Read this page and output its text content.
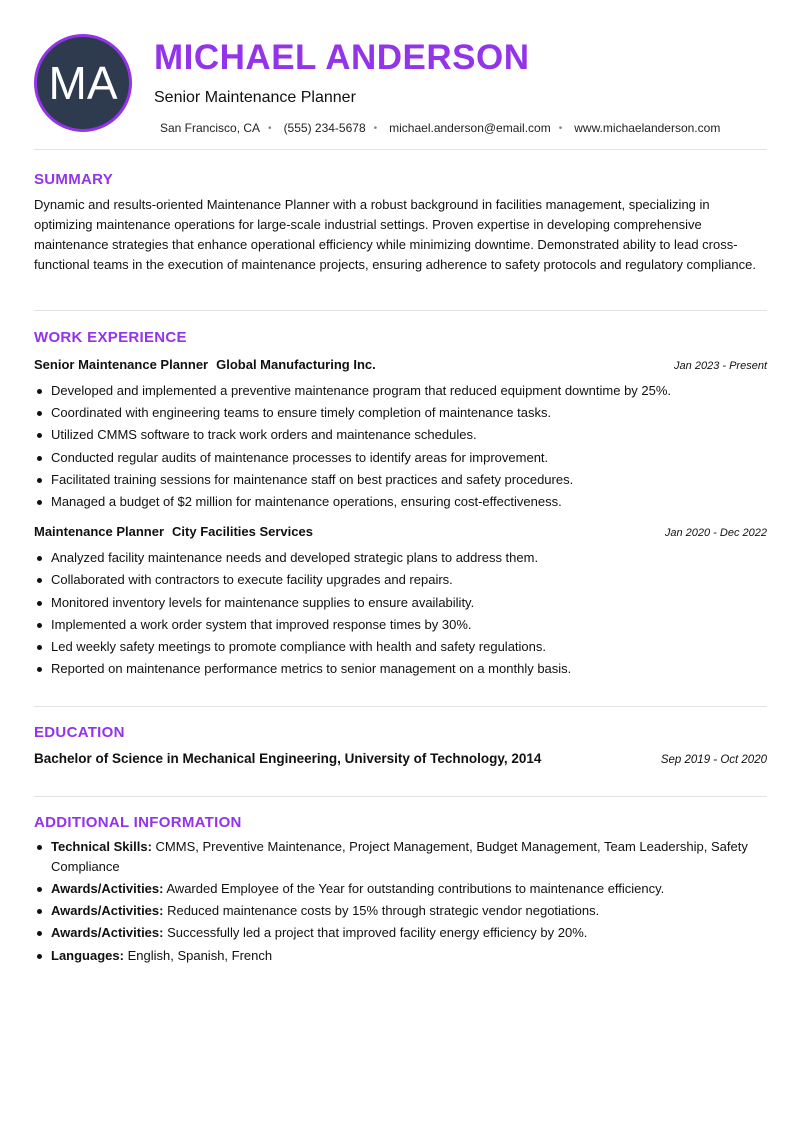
MA MICHAEL ANDERSON
Senior Maintenance Planner
San Francisco, CA • (555) 234-5678 • michael.anderson@email.com • www.michaelanderson.com
SUMMARY

Dynamic and results-oriented Maintenance Planner with a robust background in facilities management, specializing in optimizing maintenance operations for large-scale industrial settings. Proven expertise in developing comprehensive maintenance strategies that enhance operational efficiency while minimizing downtime. Demonstrated ability to lead cross-functional teams in the execution of maintenance projects, ensuring adherence to safety protocols and regulatory compliance.

WORK EXPERIENCE
Senior Maintenance Planner Global Manufacturing Inc.	Jan 2023 - Present
Developed and implemented a preventive maintenance program that reduced equipment downtime by 25%.
Coordinated with engineering teams to ensure timely completion of maintenance tasks.
Utilized CMMS software to track work orders and maintenance schedules.
Conducted regular audits of maintenance processes to identify areas for improvement.
Facilitated training sessions for maintenance staff on best practices and safety procedures.
Managed a budget of $2 million for maintenance operations, ensuring cost-effectiveness.
Maintenance Planner City Facilities Services	Jan 2020 - Dec 2022
Analyzed facility maintenance needs and developed strategic plans to address them.
Collaborated with contractors to execute facility upgrades and repairs.
Monitored inventory levels for maintenance supplies to ensure availability.
Implemented a work order system that improved response times by 30%.
Led weekly safety meetings to promote compliance with health and safety regulations.
Reported on maintenance performance metrics to senior management on a monthly basis.
EDUCATION
Bachelor of Science in Mechanical Engineering, University of Technology, 2014	Sep 2019 - Oct 2020
ADDITIONAL INFORMATION
Technical Skills: CMMS, Preventive Maintenance, Project Management, Budget Management, Team Leadership, Safety Compliance
Awards/Activities: Awarded Employee of the Year for outstanding contributions to maintenance efficiency.
Awards/Activities: Reduced maintenance costs by 15% through strategic vendor negotiations.
Awards/Activities: Successfully led a project that improved facility energy efficiency by 20%.
Languages: English, Spanish, French
